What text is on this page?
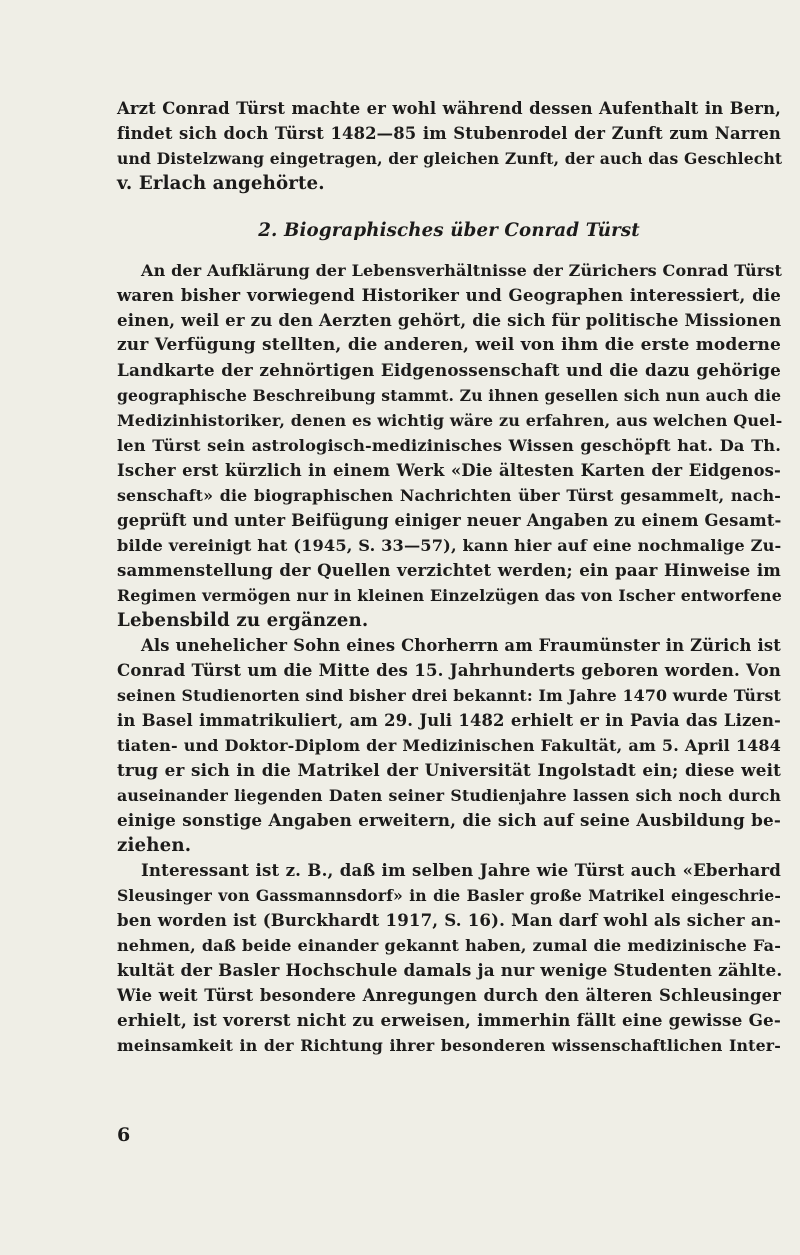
Arzt Conrad Türst machte er wohl während dessen Aufenthalt in Bern,
findet sich doch Türst 1482—85 im Stubenrodel der Zunft zum Narren
und Distelzwang eingetragen, der gleichen Zunft, der auch das Geschlecht
v. Erlach angehörte.
2. Biographisches über Conrad Türst
An der Aufklärung der Lebensverhältnisse der Zürichers Conrad Türst
waren bisher vorwiegend Historiker und Geographen interessiert, die
einen, weil er zu den Aerzten gehört, die sich für politische Missionen
zur Verfügung stellten, die anderen, weil von ihm die erste moderne
Landkarte der zehnörtigen Eidgenossenschaft und die dazu gehörige
geographische Beschreibung stammt. Zu ihnen gesellen sich nun auch die
Medizinhistoriker, denen es wichtig wäre zu erfahren, aus welchen Quel-
len Türst sein astrologisch-medizinisches Wissen geschöpft hat. Da Th.
Ischer erst kürzlich in einem Werk «Die ältesten Karten der Eidgenos-
senschaft» die biographischen Nachrichten über Türst gesammelt, nach-
geprüft und unter Beifügung einiger neuer Angaben zu einem Gesamt-
bilde vereinigt hat (1945, S. 33—57), kann hier auf eine nochmalige Zu-
sammenstellung der Quellen verzichtet werden; ein paar Hinweise im
Regimen vermögen nur in kleinen Einzelzügen das von Ischer entworfene
Lebensbild zu ergänzen.
Als unehelicher Sohn eines Chorherrn am Fraumünster in Zürich ist
Conrad Türst um die Mitte des 15. Jahrhunderts geboren worden. Von
seinen Studienorten sind bisher drei bekannt: Im Jahre 1470 wurde Türst
in Basel immatrikuliert, am 29. Juli 1482 erhielt er in Pavia das Lizen-
tiaten- und Doktor-Diplom der Medizinischen Fakultät, am 5. April 1484
trug er sich in die Matrikel der Universität Ingolstadt ein; diese weit
auseinander liegenden Daten seiner Studienjahre lassen sich noch durch
einige sonstige Angaben erweitern, die sich auf seine Ausbildung be-
ziehen.
Interessant ist z. B., daß im selben Jahre wie Türst auch «Eberhard
Sleusinger von Gassmannsdorf» in die Basler große Matrikel eingeschrie-
ben worden ist (Burckhardt 1917, S. 16). Man darf wohl als sicher an-
nehmen, daß beide einander gekannt haben, zumal die medizinische Fa-
kultät der Basler Hochschule damals ja nur wenige Studenten zählte.
Wie weit Türst besondere Anregungen durch den älteren Schleusinger
erhielt, ist vorerst nicht zu erweisen, immerhin fällt eine gewisse Ge-
meinsamkeit in der Richtung ihrer besonderen wissenschaftlichen Inter-
6
